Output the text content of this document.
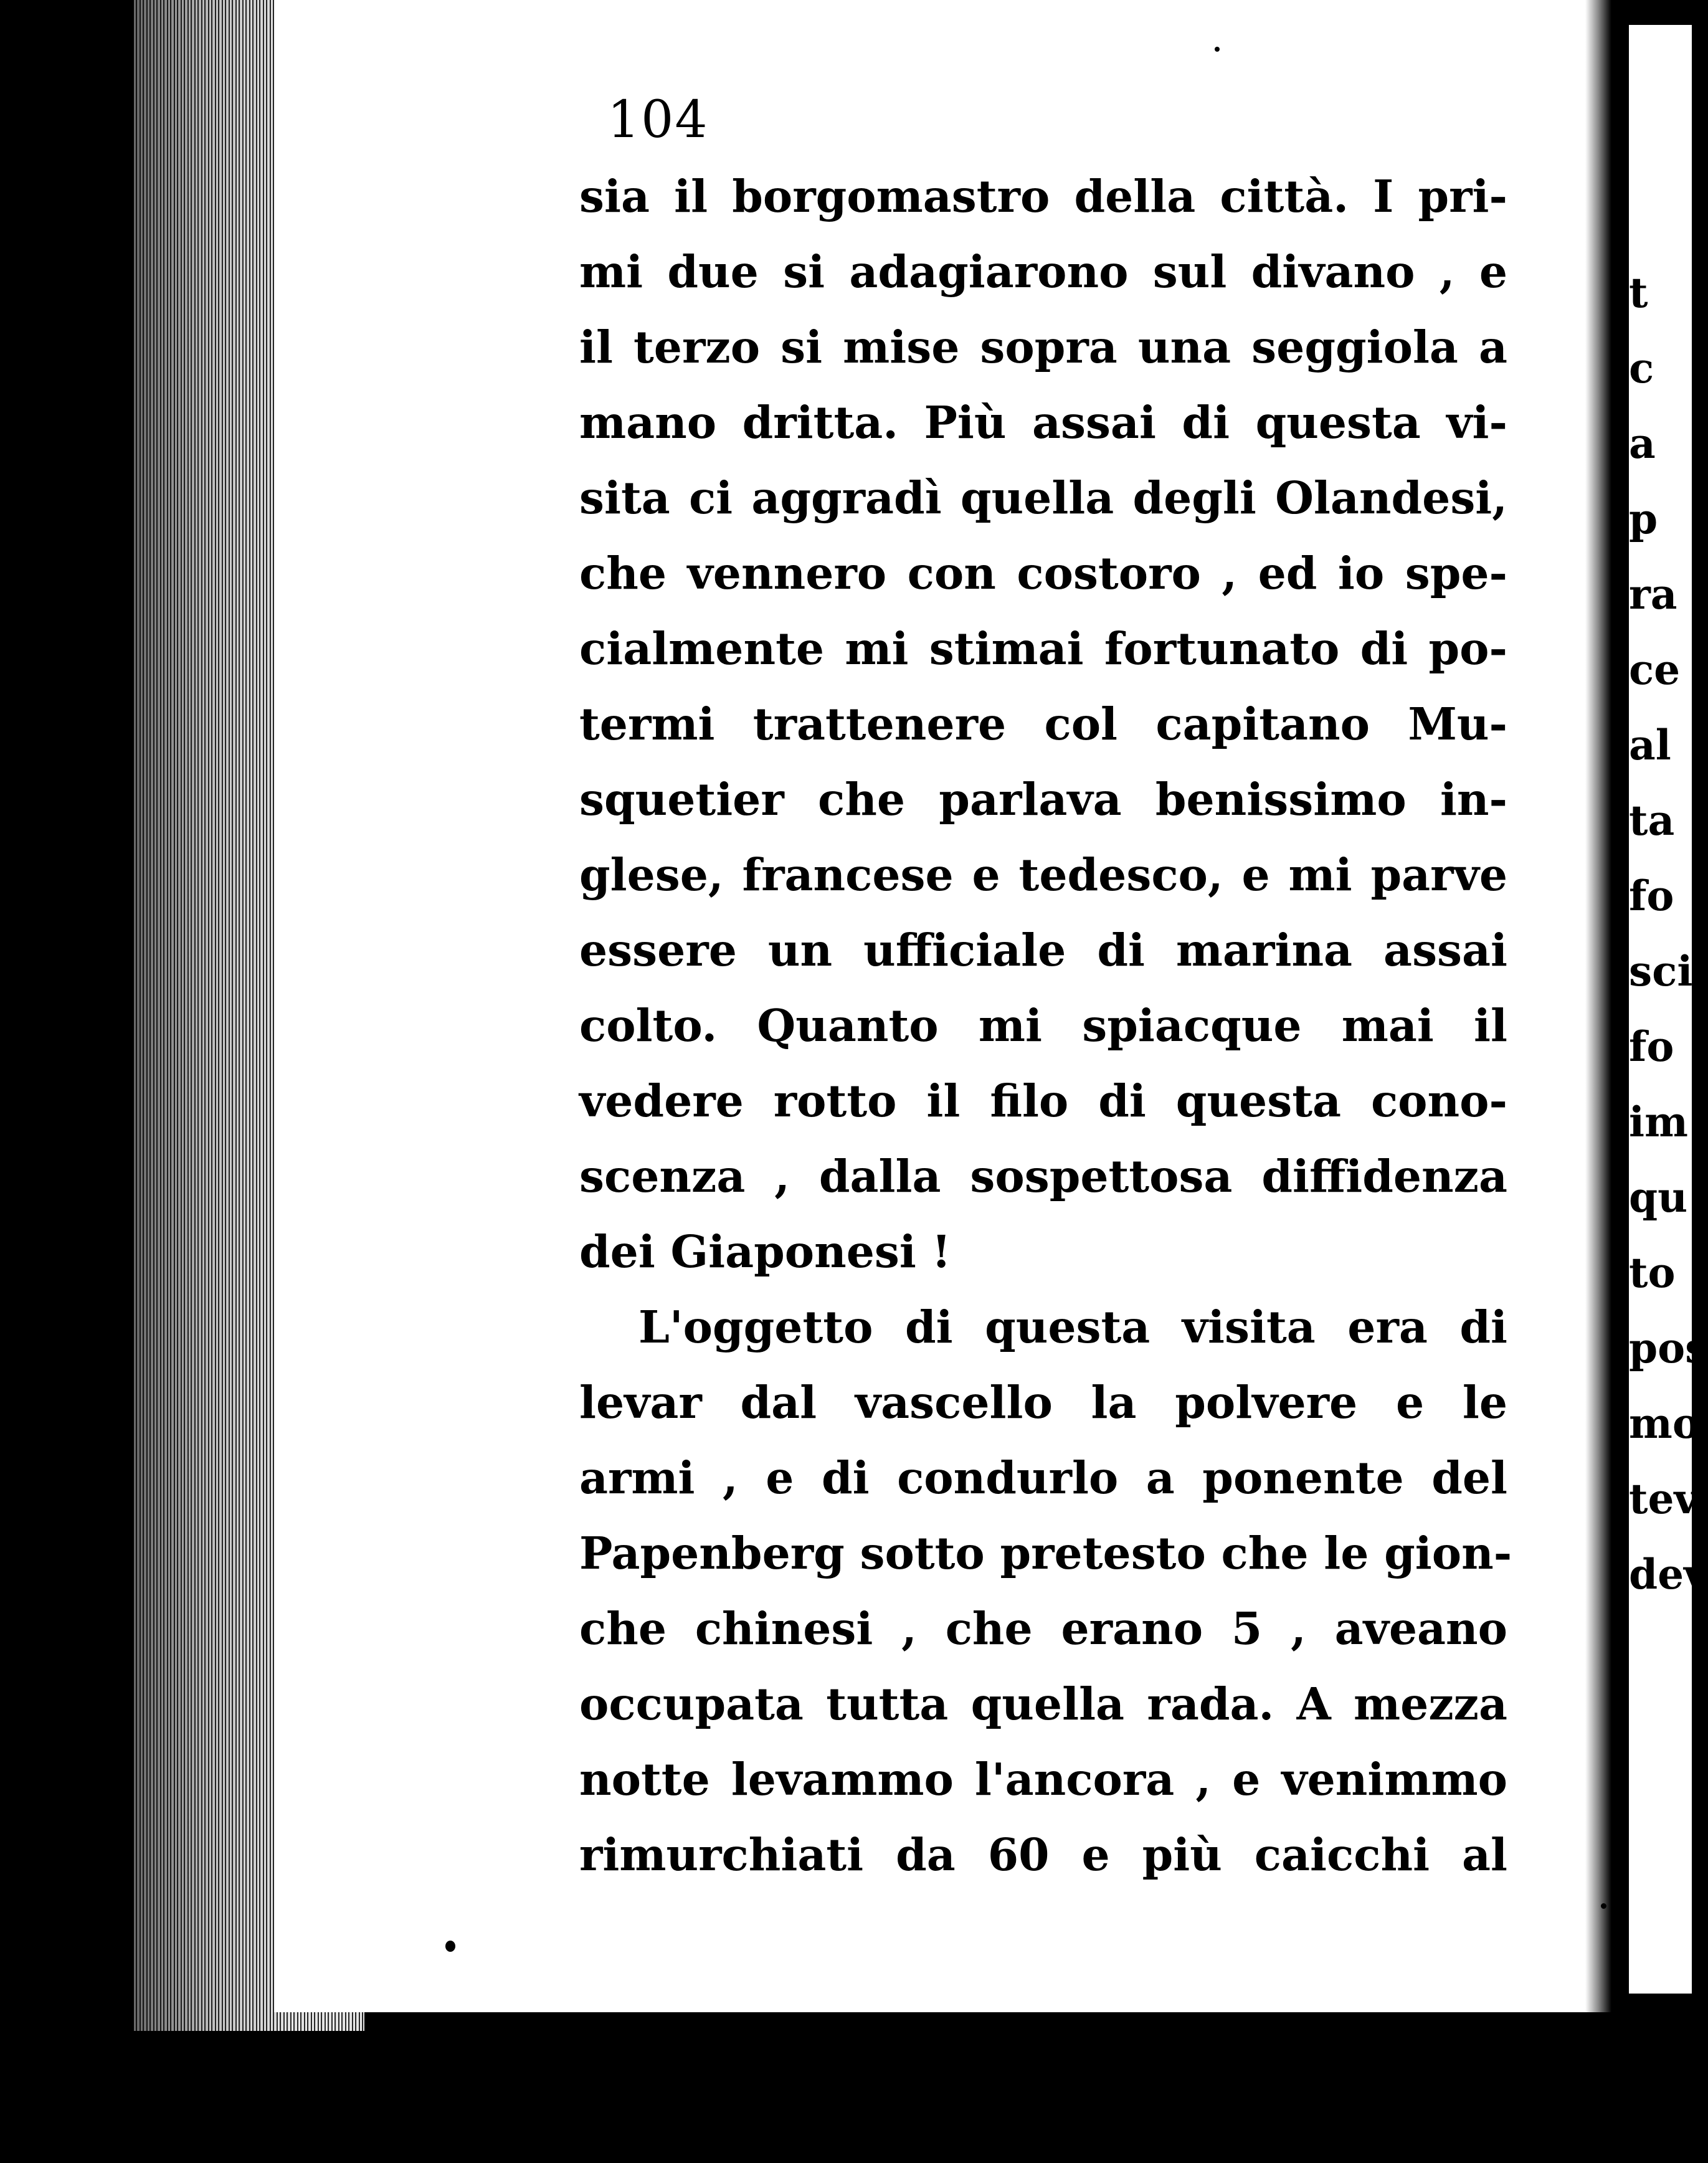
t
c
a
p
ra
ce
al
ta
fo
sci
fo
im
qu
to
pos
mo
tev
dev
104
sia il borgomastro della città. I pri-
mi due si adagiarono sul divano , e
il terzo si mise sopra una seggiola a
mano dritta. Più assai di questa vi-
sita ci aggradì quella degli Olandesi,
che vennero con costoro , ed io spe-
cialmente mi stimai fortunato di po-
termi trattenere col capitano Mu-
squetier che parlava benissimo in-
glese, francese e tedesco, e mi parve
essere un ufficiale di marina assai
colto. Quanto mi spiacque mai il
vedere rotto il filo di questa cono-
scenza , dalla sospettosa diffidenza
dei Giaponesi !
L'oggetto di questa visita era di
levar dal vascello la polvere e le
armi , e di condurlo a ponente del
Papenberg sotto pretesto che le gion-
che chinesi , che erano 5 , aveano
occupata tutta quella rada. A mezza
notte levammo l'ancora , e venimmo
rimurchiati da 60 e più caicchi al
